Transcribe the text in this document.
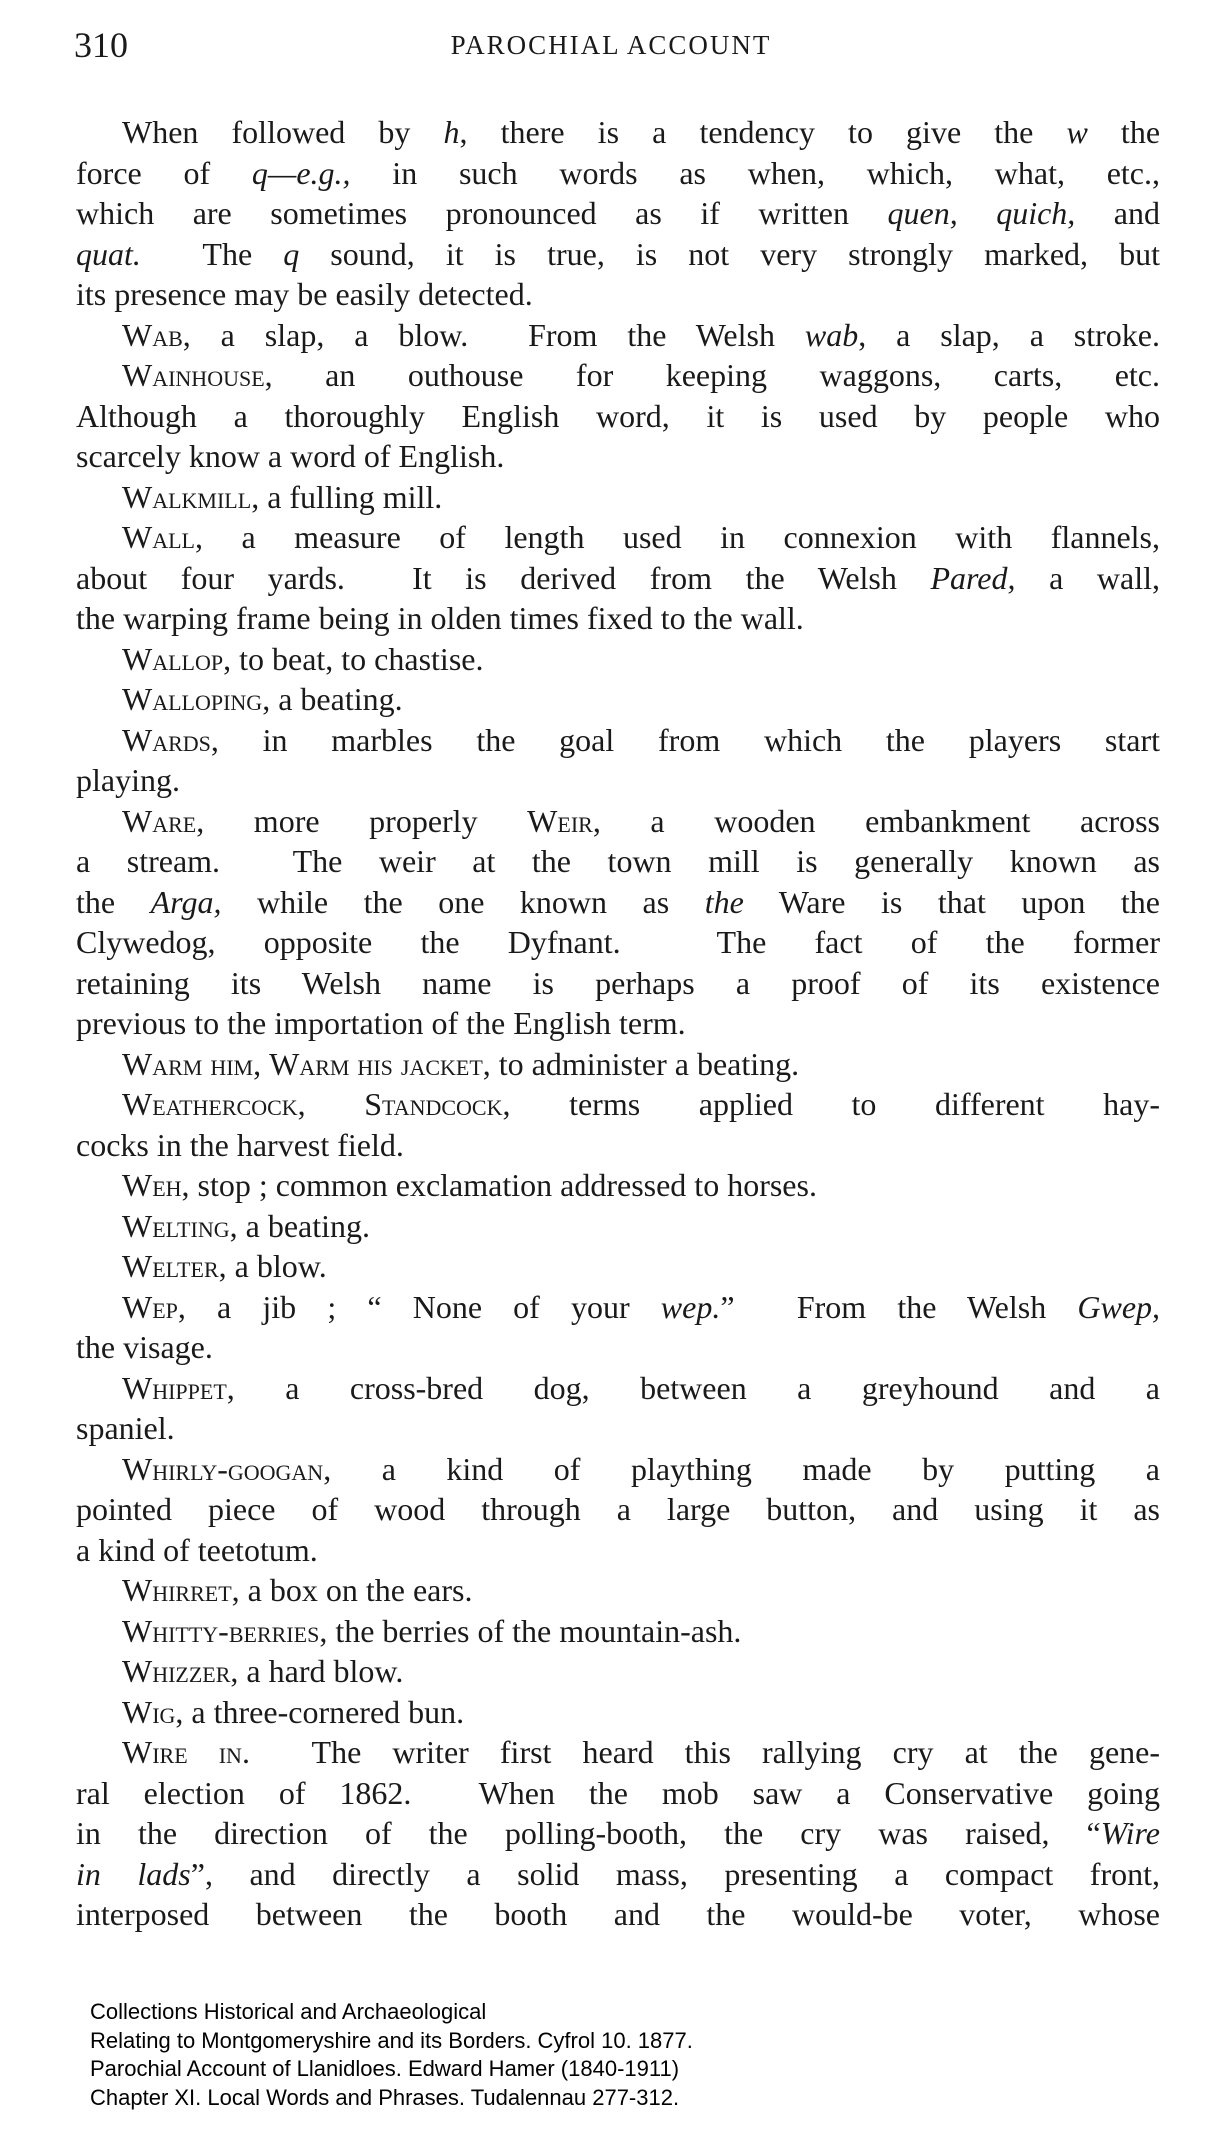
310	PAROCHIAL ACCOUNT
When followed by h, there is a tendency to give the w the
force of q—e.g., in such words as when, which, what, etc.,
which are sometimes pronounced as if written quen, quich, and
quat.  The q sound, it is true, is not very strongly marked, but
its presence may be easily detected.
Wab, a slap, a blow.  From the Welsh wab, a slap, a stroke.
Wainhouse, an outhouse for keeping waggons, carts, etc.
Although a thoroughly English word, it is used by people who
scarcely know a word of English.
Walkmill, a fulling mill.
Wall, a measure of length used in connexion with flannels,
about four yards.  It is derived from the Welsh Pared, a wall,
the warping frame being in olden times fixed to the wall.
Wallop, to beat, to chastise.
Walloping, a beating.
Wards, in marbles the goal from which the players start
playing.
Ware, more properly Weir, a wooden embankment across
a stream.  The weir at the town mill is generally known as
the Arga, while the one known as the Ware is that upon the
Clywedog, opposite the Dyfnant.  The fact of the former
retaining its Welsh name is perhaps a proof of its existence
previous to the importation of the English term.
Warm him, Warm his jacket, to administer a beating.
Weathercock, Standcock, terms applied to different hay-
cocks in the harvest field.
Weh, stop ; common exclamation addressed to horses.
Welting, a beating.
Welter, a blow.
Wep, a jib ; “ None of your wep.”  From the Welsh Gwep,
the visage.
Whippet, a cross-bred dog, between a greyhound and a
spaniel.
Whirly-googan, a kind of plaything made by putting a
pointed piece of wood through a large button, and using it as
a kind of teetotum.
Whirret, a box on the ears.
Whitty-berries, the berries of the mountain-ash.
Whizzer, a hard blow.
Wig, a three-cornered bun.
Wire in.  The writer first heard this rallying cry at the gene-
ral election of 1862.  When the mob saw a Conservative going
in the direction of the polling-booth, the cry was raised, “Wire
in lads”, and directly a solid mass, presenting a compact front,
interposed between the booth and the would-be voter, whose
Collections Historical and Archaeological
Relating to Montgomeryshire and its Borders. Cyfrol 10. 1877.
Parochial Account of Llanidloes. Edward Hamer (1840-1911)
Chapter XI. Local Words and Phrases. Tudalennau 277-312.
